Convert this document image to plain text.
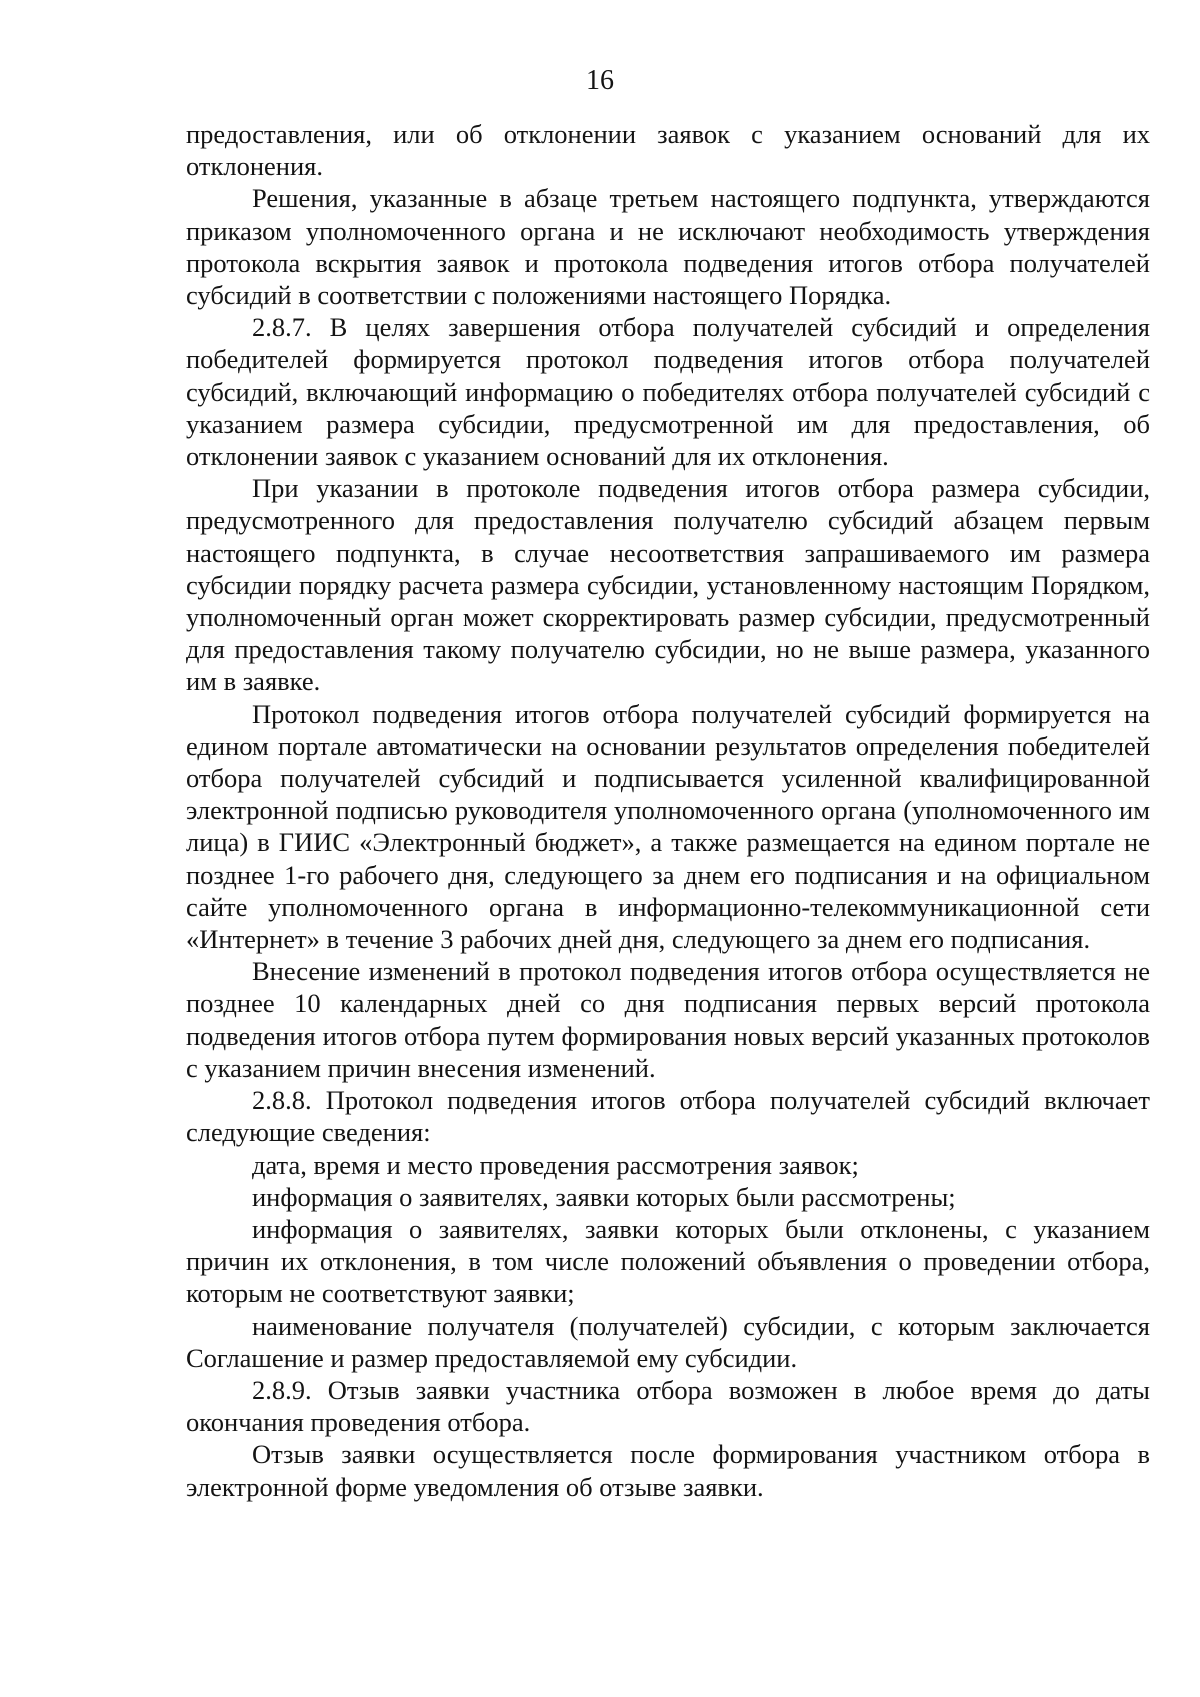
16

предоставления, или об отклонении заявок с указанием оснований для их отклонения.

Решения, указанные в абзаце третьем настоящего подпункта, утверждаются приказом уполномоченного органа и не исключают необходимость утверждения протокола вскрытия заявок и протокола подведения итогов отбора получателей субсидий в соответствии с положениями настоящего Порядка.

2.8.7. В целях завершения отбора получателей субсидий и определения победителей формируется протокол подведения итогов отбора получателей субсидий, включающий информацию о победителях отбора получателей субсидий с указанием размера субсидии, предусмотренной им для предоставления, об отклонении заявок с указанием оснований для их отклонения.

При указании в протоколе подведения итогов отбора размера субсидии, предусмотренного для предоставления получателю субсидий абзацем первым настоящего подпункта, в случае несоответствия запрашиваемого им размера субсидии порядку расчета размера субсидии, установленному настоящим Порядком, уполномоченный орган может скорректировать размер субсидии, предусмотренный для предоставления такому получателю субсидии, но не выше размера, указанного им в заявке.

Протокол подведения итогов отбора получателей субсидий формируется на едином портале автоматически на основании результатов определения победителей отбора получателей субсидий и подписывается усиленной квалифицированной электронной подписью руководителя уполномоченного органа (уполномоченного им лица) в ГИИС «Электронный бюджет», а также размещается на едином портале не позднее 1-го рабочего дня, следующего за днем его подписания и на официальном сайте уполномоченного органа в информационно-телекоммуникационной сети «Интернет» в течение 3 рабочих дней дня, следующего за днем его подписания.

Внесение изменений в протокол подведения итогов отбора осуществляется не позднее 10 календарных дней со дня подписания первых версий протокола подведения итогов отбора путем формирования новых версий указанных протоколов с указанием причин внесения изменений.

2.8.8. Протокол подведения итогов отбора получателей субсидий включает следующие сведения:

дата, время и место проведения рассмотрения заявок;

информация о заявителях, заявки которых были рассмотрены;

информация о заявителях, заявки которых были отклонены, с указанием причин их отклонения, в том числе положений объявления о проведении отбора, которым не соответствуют заявки;

наименование получателя (получателей) субсидии, с которым заключается Соглашение и размер предоставляемой ему субсидии.

2.8.9. Отзыв заявки участника отбора возможен в любое время до даты окончания проведения отбора.

Отзыв заявки осуществляется после формирования участником отбора в электронной форме уведомления об отзыве заявки.
